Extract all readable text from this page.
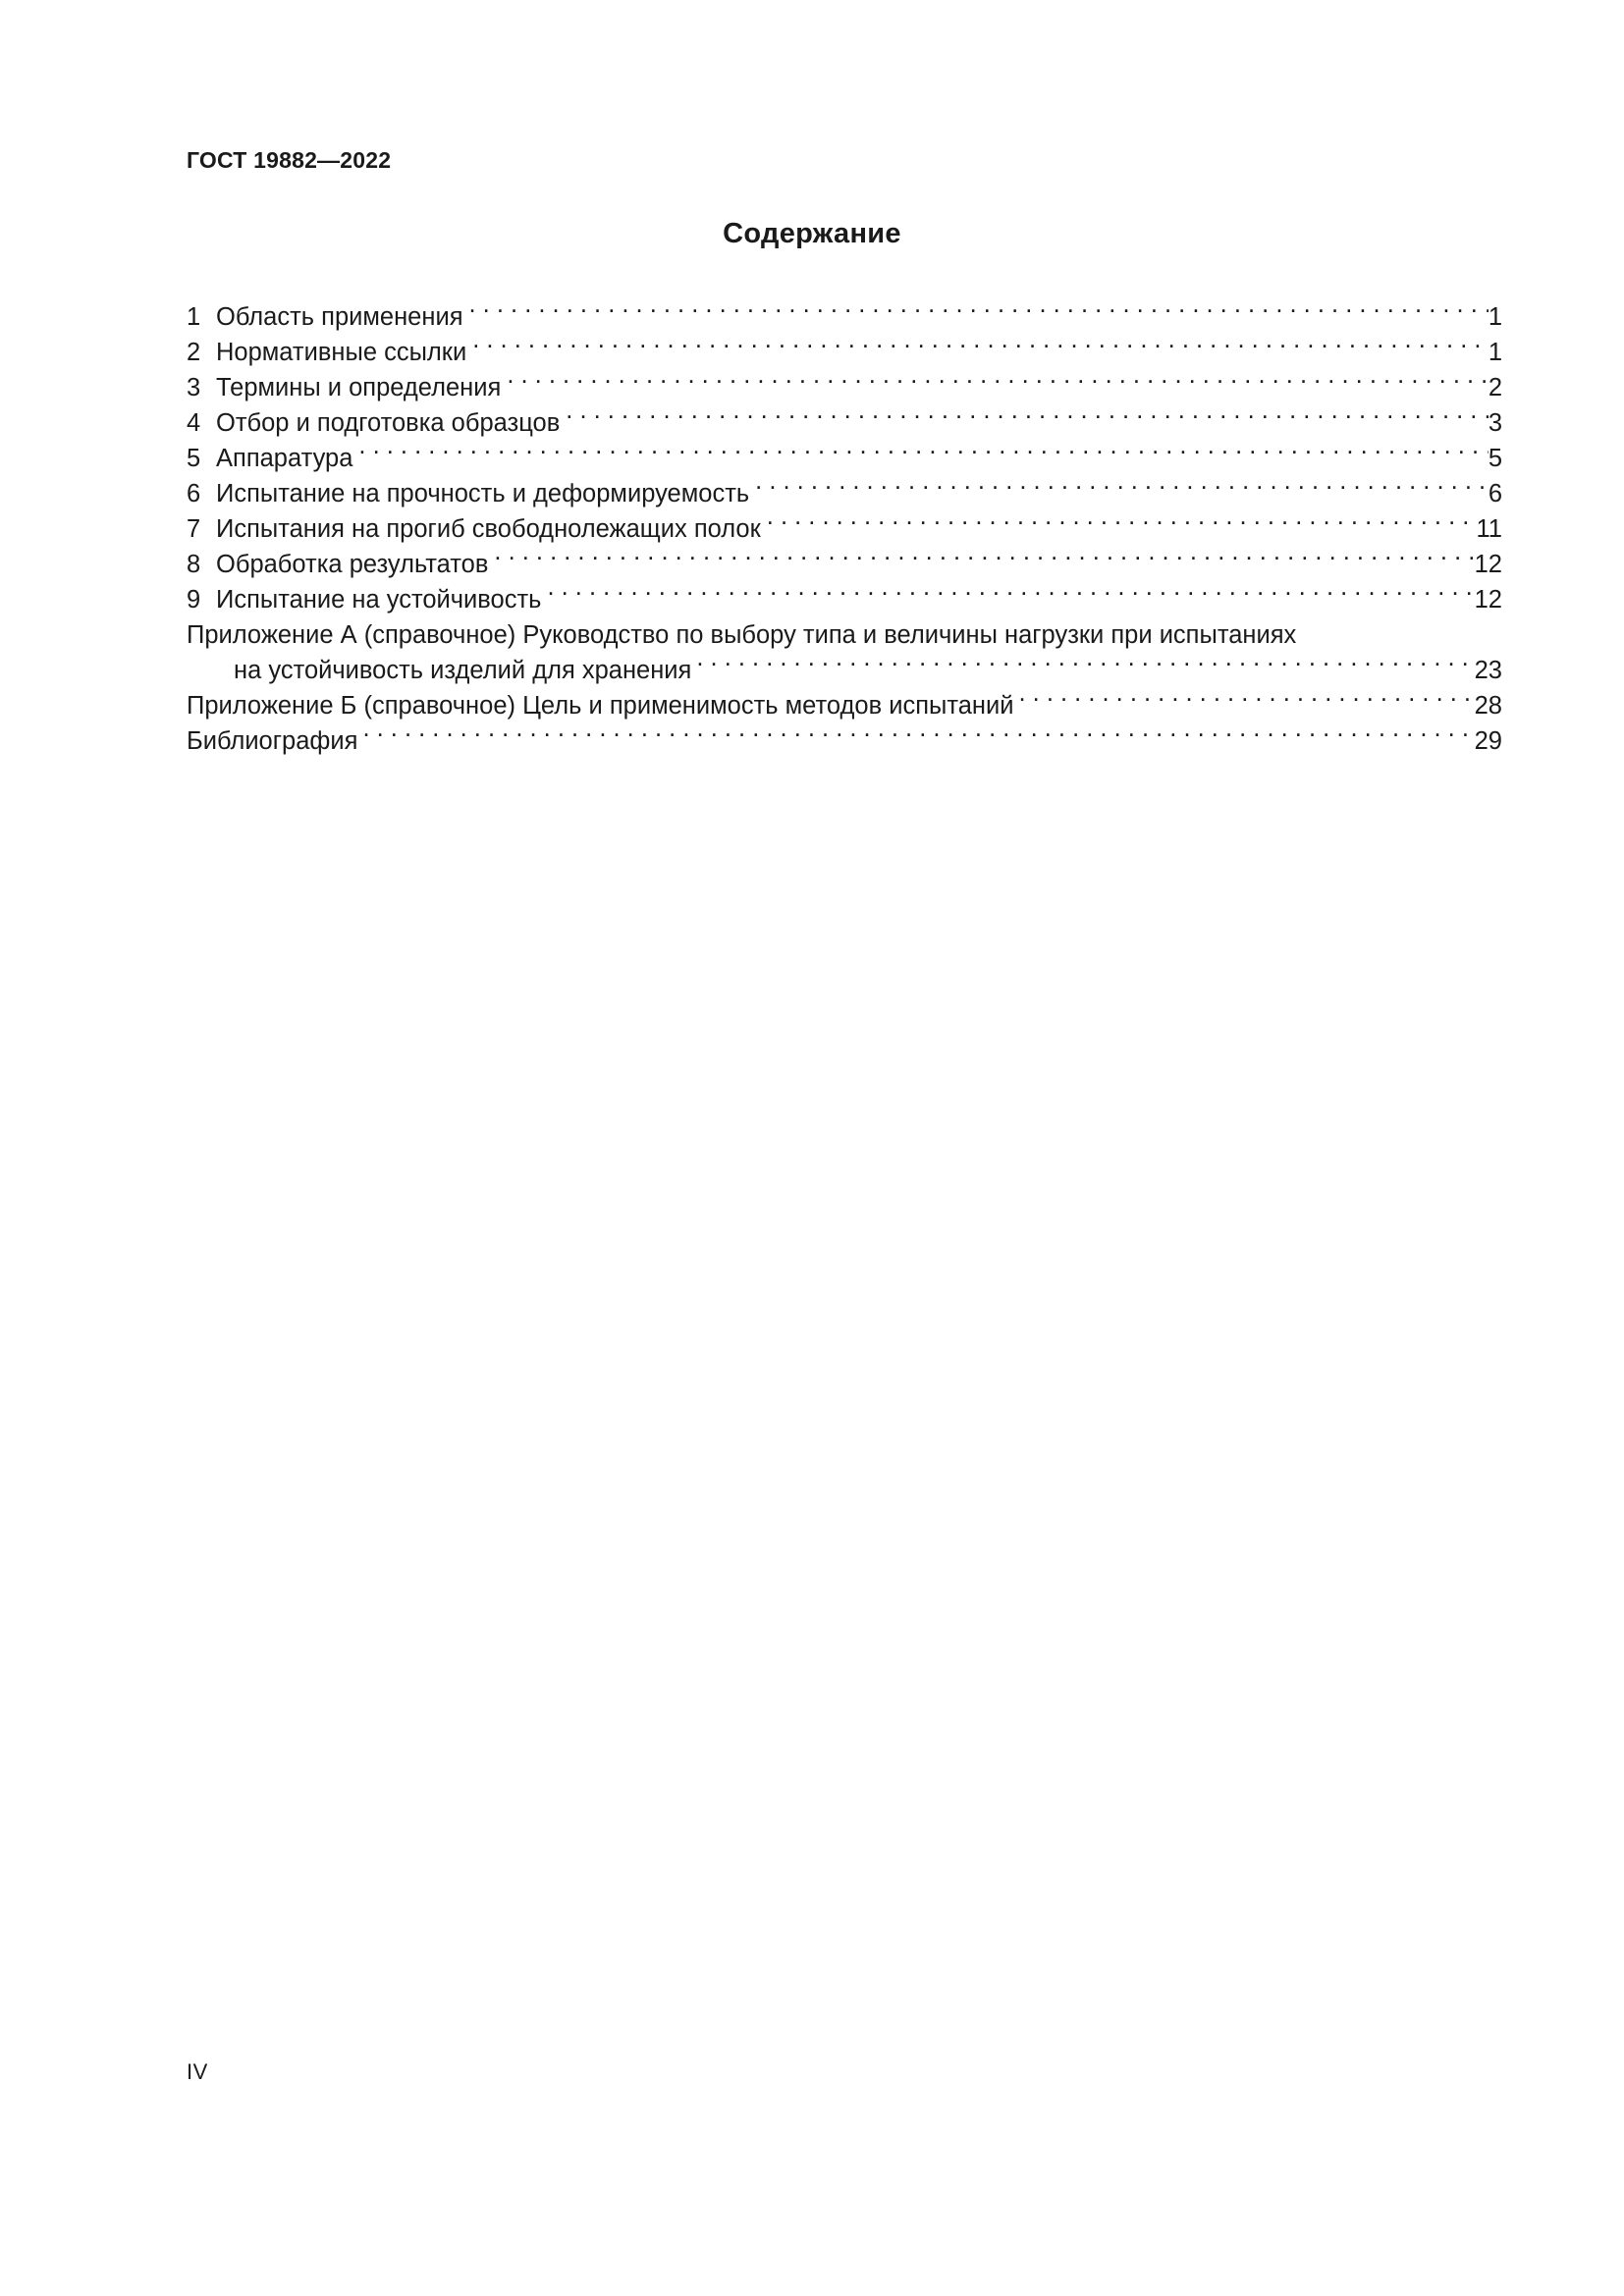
ГОСТ 19882—2022
Содержание
1 Область применения . . .	1
2 Нормативные ссылки . . .	1
3 Термины и определения . . .	2
4 Отбор и подготовка образцов . . .	3
5 Аппаратура . . .	5
6 Испытание на прочность и деформируемость . . .	6
7 Испытания на прогиб свободнолежащих полок . . .	11
8 Обработка результатов . . .	12
9 Испытание на устойчивость . . .	12
Приложение А (справочное) Руководство по выбору типа и величины нагрузки при испытаниях
на устойчивость изделий для хранения . . .	23
Приложение Б (справочное) Цель и применимость методов испытаний . . .	28
Библиография . . .	29
IV
